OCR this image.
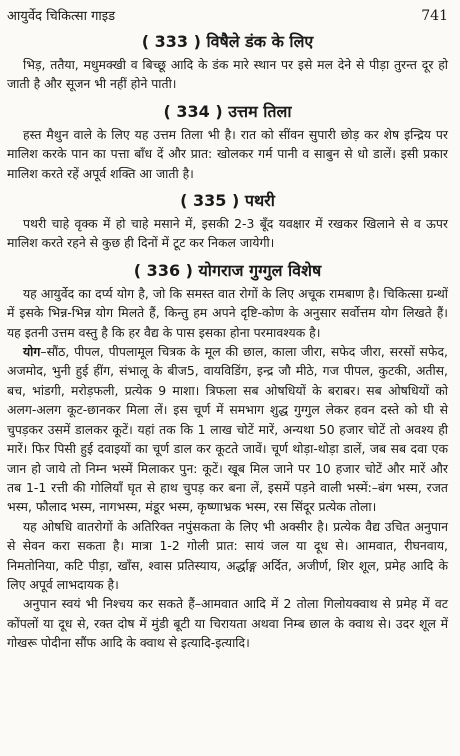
आयुर्वेद चिकित्सा गाइड	741
( 333 ) विषैले डंक के लिए

भिड़, ततैया, मधुमक्खी व बिच्छू आदि के डंक मारे स्थान पर इसे मल देने से पीड़ा तुरन्त दूर हो जाती है और सूजन भी नहीं होने पाती।

( 334 ) उत्तम तिला

हस्त मैथुन वाले के लिए यह उत्तम तिला भी है। रात को सींवन सुपारी छोड़ कर शेष इन्द्रिय पर मालिश करके पान का पत्ता बाँध दें और प्रात: खोलकर गर्म पानी व साबुन से धो डालें। इसी प्रकार मालिश करते रहें अपूर्व शक्ति आ जाती है।

( 335 ) पथरी

पथरी चाहे वृक्क में हो चाहे मसाने में, इसकी 2-3 बूँद यवक्षार में रखकर खिलाने से व ऊपर मालिश करते रहने से कुछ ही दिनों में टूट कर निकल जायेगी।

( 336 ) योगराज गुग्गुल विशेष

यह आयुर्वेद का दर्प्य योग है, जो कि समस्त वात रोगों के लिए अचूक रामबाण है। चिकित्सा ग्रन्थों में इसके भिन्न-भिन्न योग मिलते हैं, किन्तु हम अपने दृष्टि-कोण के अनुसार सर्वोत्तम योग लिखते हैं। यह इतनी उत्तम वस्तु है कि हर वैद्य के पास इसका होना परमावश्यक है।

योग–सौंठ, पीपल, पीपलामूल चित्रक के मूल की छाल, काला जीरा, सफेद जीरा, सरसों सफेद, अजमोद, भुनी हुई हींग, संभालू के बीज5, वायविडिंग, इन्द्र जौ मीठे, गज पीपल, कुटकी, अतीस, बच, भांडगी, मरोड़फली, प्रत्येक 9 माशा। त्रिफला सब ओषधियों के बराबर। सब ओषधियों को अलग-अलग कूट-छानकर मिला लें। इस चूर्ण में समभाग शुद्ध गुग्गुल लेकर हवन दस्ते को घी से चुपड़कर उसमें डालकर कूटें। यहां तक कि 1 लाख चोटें मारें, अन्यथा 50 हजार चोटें तो अवश्य ही मारें। फिर पिसी हुई दवाइयों का चूर्ण डाल कर कूटते जावें। चूर्ण थोड़ा-थोड़ा डालें, जब सब दवा एक जान हो जाये तो निम्न भस्में मिलाकर पुन: कूटें। खूब मिल जाने पर 10 हजार चोटें और मारें और तब 1-1 रत्ती की गोलियाँ घृत से हाथ चुपड़ कर बना लें, इसमें पड़ने वाली भस्में:–बंग भस्म, रजत भस्म, फौलाद भस्म, नागभस्म, मंडूर भस्म, कृष्णाभ्रक भस्म, रस सिंदूर प्रत्येक तोला।

यह ओषधि वातरोगों के अतिरिक्त नपुंसकता के लिए भी अक्सीर है। प्रत्येक वैद्य उचित अनुपान से सेवन करा सकता है। मात्रा 1-2 गोली प्रात: सायं जल या दूध से। आमवात, रीघनवाय, निमतोनिया, कटि पीड़ा, खाँस, श्वास प्रतिस्याय, अर्द्धाङ्ग अर्दित, अजीर्ण, शिर शूल, प्रमेह आदि के लिए अपूर्व लाभदायक है।

अनुपान स्वयं भी निश्चय कर सकते हैं–आमवात आदि में 2 तोला गिलोयक्वाथ से प्रमेह में वट कोंपलों या दूध से, रक्त दोष में मुंडी बूटी या चिरायता अथवा निम्ब छाल के क्वाथ से। उदर शूल में गोखरू पोदीना सौंफ आदि के क्वाथ से इत्यादि-इत्यादि।
